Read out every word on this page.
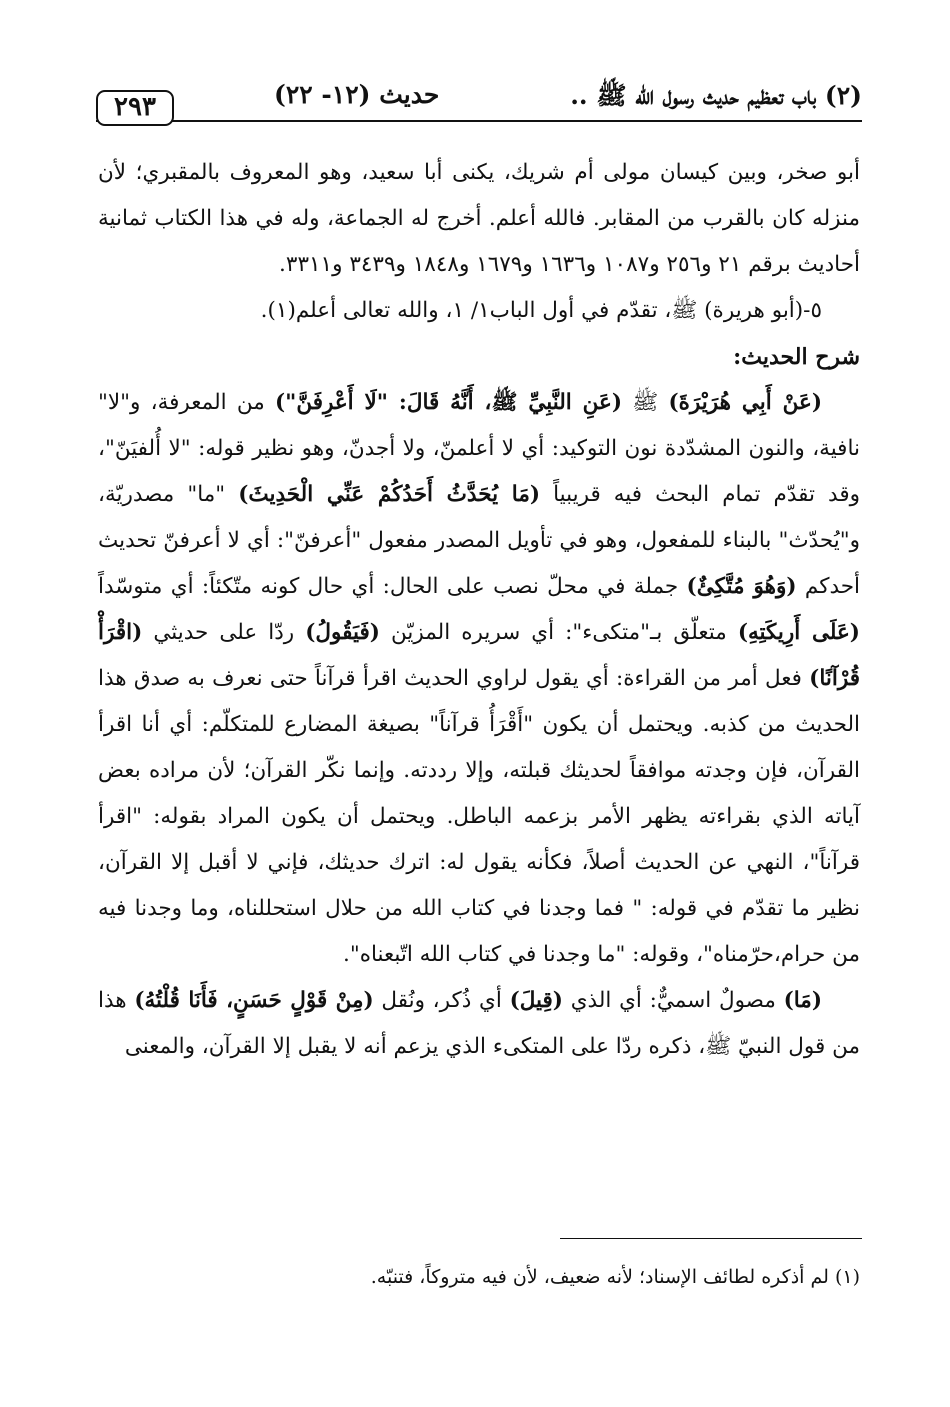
(٢) باب تعظيم حديث رسول الله ﷺ ..
حديث (١٢- ٢٢)
٢٩٣

أبو صخر، وبين كيسان مولى أم شريك، يكنى أبا سعيد، وهو المعروف بالمقبري؛ لأن منزله كان بالقرب من المقابر. فالله أعلم. أخرج له الجماعة، وله في هذا الكتاب ثمانية أحاديث برقم ٢١ و٢٥٦ و١٠٨٧ و١٦٣٦ و١٦٧٩ و١٨٤٨ و٣٤٣٩ و٣٣١١.

٥-(أبو هريرة) ﷺ، تقدّم في أول الباب١/ ١، والله تعالى أعلم(١).

شرح الحديث:

(عَنْ أَبِي هُرَيْرَةَ) ﷺ (عَنِ النَّبِيِّ ﷺ، أَنَّهُ قَالَ: "لَا أَعْرِفَنَّ") من المعرفة، و"لا" نافية، والنون المشدّدة نون التوكيد: أي لا أعلمنّ، ولا أجدنّ، وهو نظير قوله: "لا أُلفيَنّ"، وقد تقدّم تمام البحث فيه قريبياً (مَا يُحَدَّثُ أَحَدُكُمْ عَنِّي الْحَدِيثَ) "ما" مصدريّة، و"يُحدّث" بالبناء للمفعول، وهو في تأويل المصدر مفعول "أعرفنّ": أي لا أعرفنّ تحديث أحدكم (وَهُوَ مُتَّكِئٌ) جملة في محلّ نصب على الحال: أي حال كونه متّكئاً: أي متوسّداً (عَلَى أَرِيكَتِهِ) متعلّق بـ"متكىء": أي سريره المزيّن (فَيَقُولُ) ردّا على حديثي (اقْرَأْ قُرْآنًا) فعل أمر من القراءة: أي يقول لراوي الحديث اقرأ قرآناً حتى نعرف به صدق هذا الحديث من كذبه. ويحتمل أن يكون "أَقْرَأُ قرآناً" بصيغة المضارع للمتكلّم: أي أنا اقرأ القرآن، فإن وجدته موافقاً لحديثك قبلته، وإلا رددته. وإنما نكّر القرآن؛ لأن مراده بعض آياته الذي بقراءته يظهر الأمر بزعمه الباطل. ويحتمل أن يكون المراد بقوله: "اقرأ قرآناً"، النهي عن الحديث أصلاً، فكأنه يقول له: اترك حديثك، فإني لا أقبل إلا القرآن، نظير ما تقدّم في قوله: " فما وجدنا في كتاب الله من حلال استحللناه، وما وجدنا فيه من حرام،حرّمناه"، وقوله: "ما وجدنا في كتاب الله اتّبعناه".

(مَا) مصولٌ اسميٌّ: أي الذي (قِيلَ) أي ذُكر، ونُقل (مِنْ قَوْلٍ حَسَنٍ، فَأَنَا قُلْتُهُ) هذا من قول النبيّ ﷺ، ذكره ردّا على المتكىء الذي يزعم أنه لا يقبل إلا القرآن، والمعنى

(١) لم أذكره لطائف الإسناد؛ لأنه ضعيف، لأن فيه متروكاً، فتنبّه.
